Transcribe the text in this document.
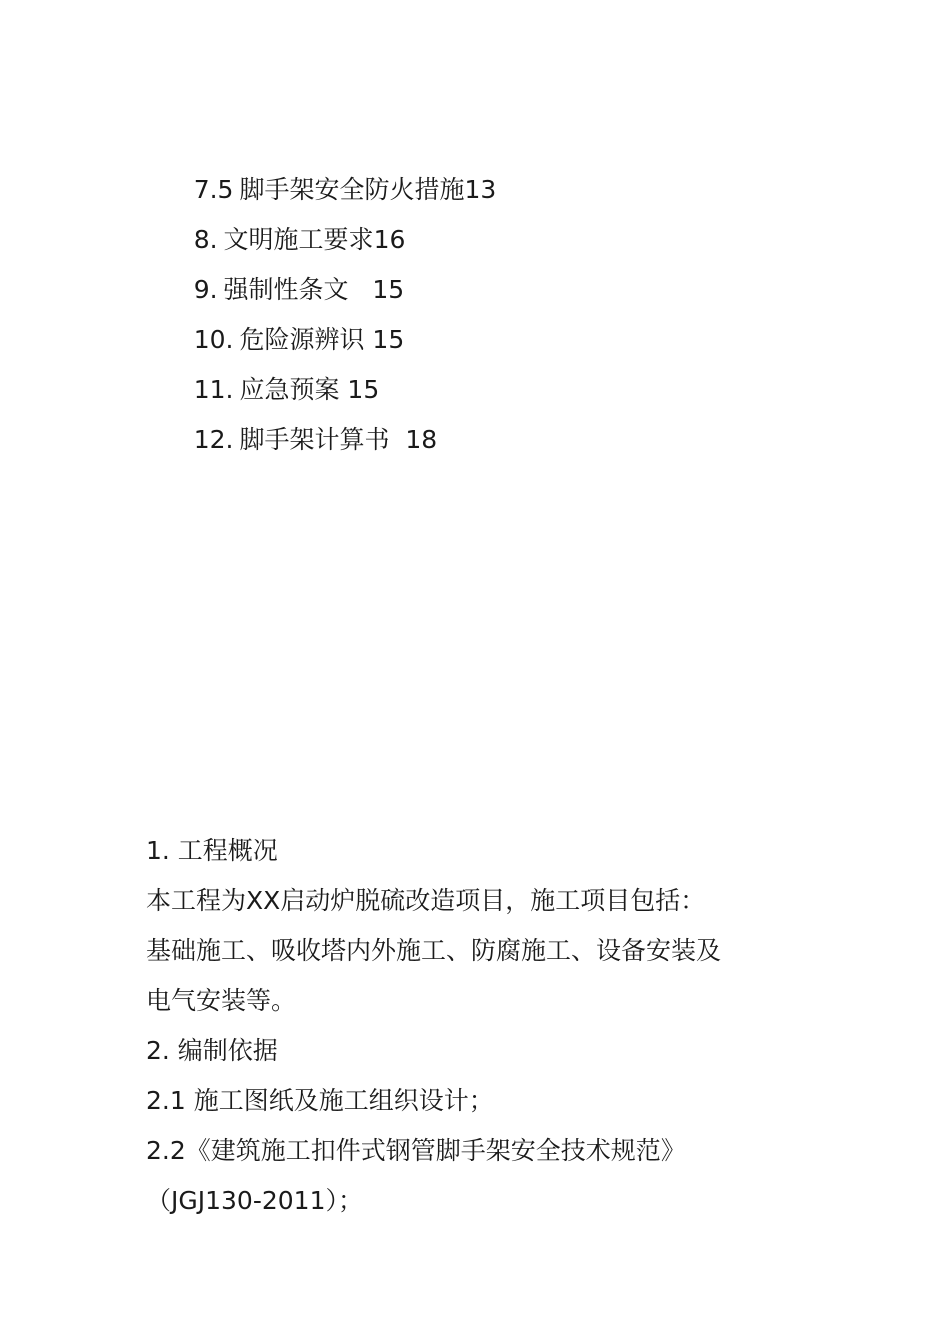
7.5 脚手架安全防火措施13

8. 文明施工要求16

9. 强制性条文 15

10. 危险源辨识 15

11. 应急预案 15

12. 脚手架计算书 18

1. 工程概况
本工程为XX启动炉脱硫改造项目，施工项目包括：
基础施工、吸收塔内外施工、防腐施工、设备安装及
电气安装等。
2. 编制依据
2.1 施工图纸及施工组织设计；
2.2《建筑施工扣件式钢管脚手架安全技术规范》
（JGJ130-2011）；
